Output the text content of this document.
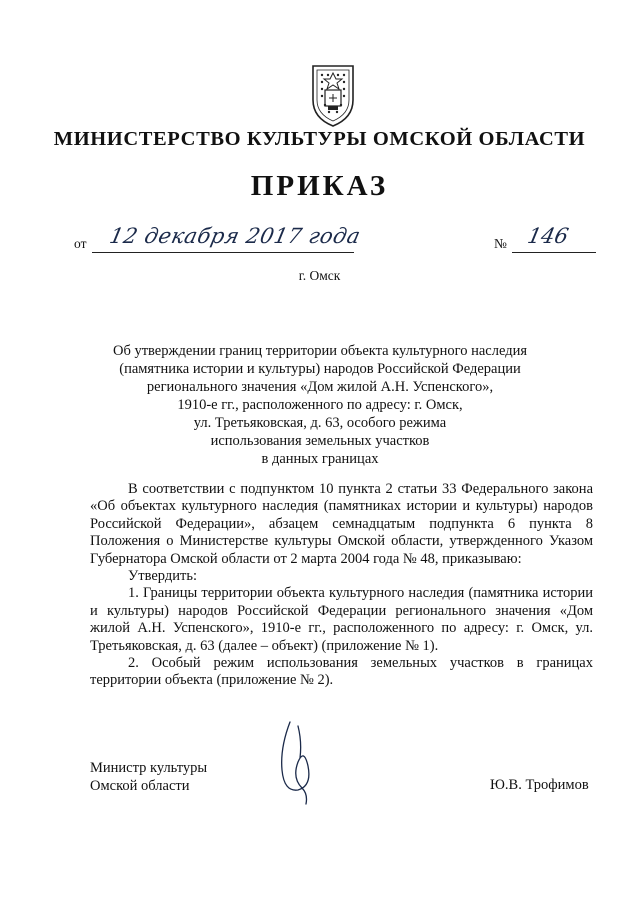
МИНИСТЕРСТВО КУЛЬТУРЫ ОМСКОЙ ОБЛАСТИ
ПРИКАЗ
от 12 декабря 2017 года	№ 146
г. Омск
Об утверждении границ территории объекта культурного наследия
(памятника истории и культуры) народов Российской Федерации
регионального значения «Дом жилой А.Н. Успенского»,
1910-е гг., расположенного по адресу: г. Омск,
ул. Третьяковская, д. 63, особого режима
использования земельных участков
в данных границах

В соответствии с подпунктом 10 пункта 2 статьи 33 Федерального закона «Об объектах культурного наследия (памятниках истории и культуры) народов Российской Федерации», абзацем семнадцатым подпункта 6 пункта 8 Положения о Министерстве культуры Омской области, утвержденного Указом Губернатора Омской области от 2 марта 2004 года № 48, приказываю:

Утвердить:

1. Границы территории объекта культурного наследия (памятника истории и культуры) народов Российской Федерации регионального значения «Дом жилой А.Н. Успенского», 1910-е гг., расположенного по адресу: г. Омск, ул. Третьяковская, д. 63 (далее – объект) (приложение № 1).

2. Особый режим использования земельных участков в границах территории объекта (приложение № 2).

Министр культуры
Омской области	Ю.В. Трофимов
